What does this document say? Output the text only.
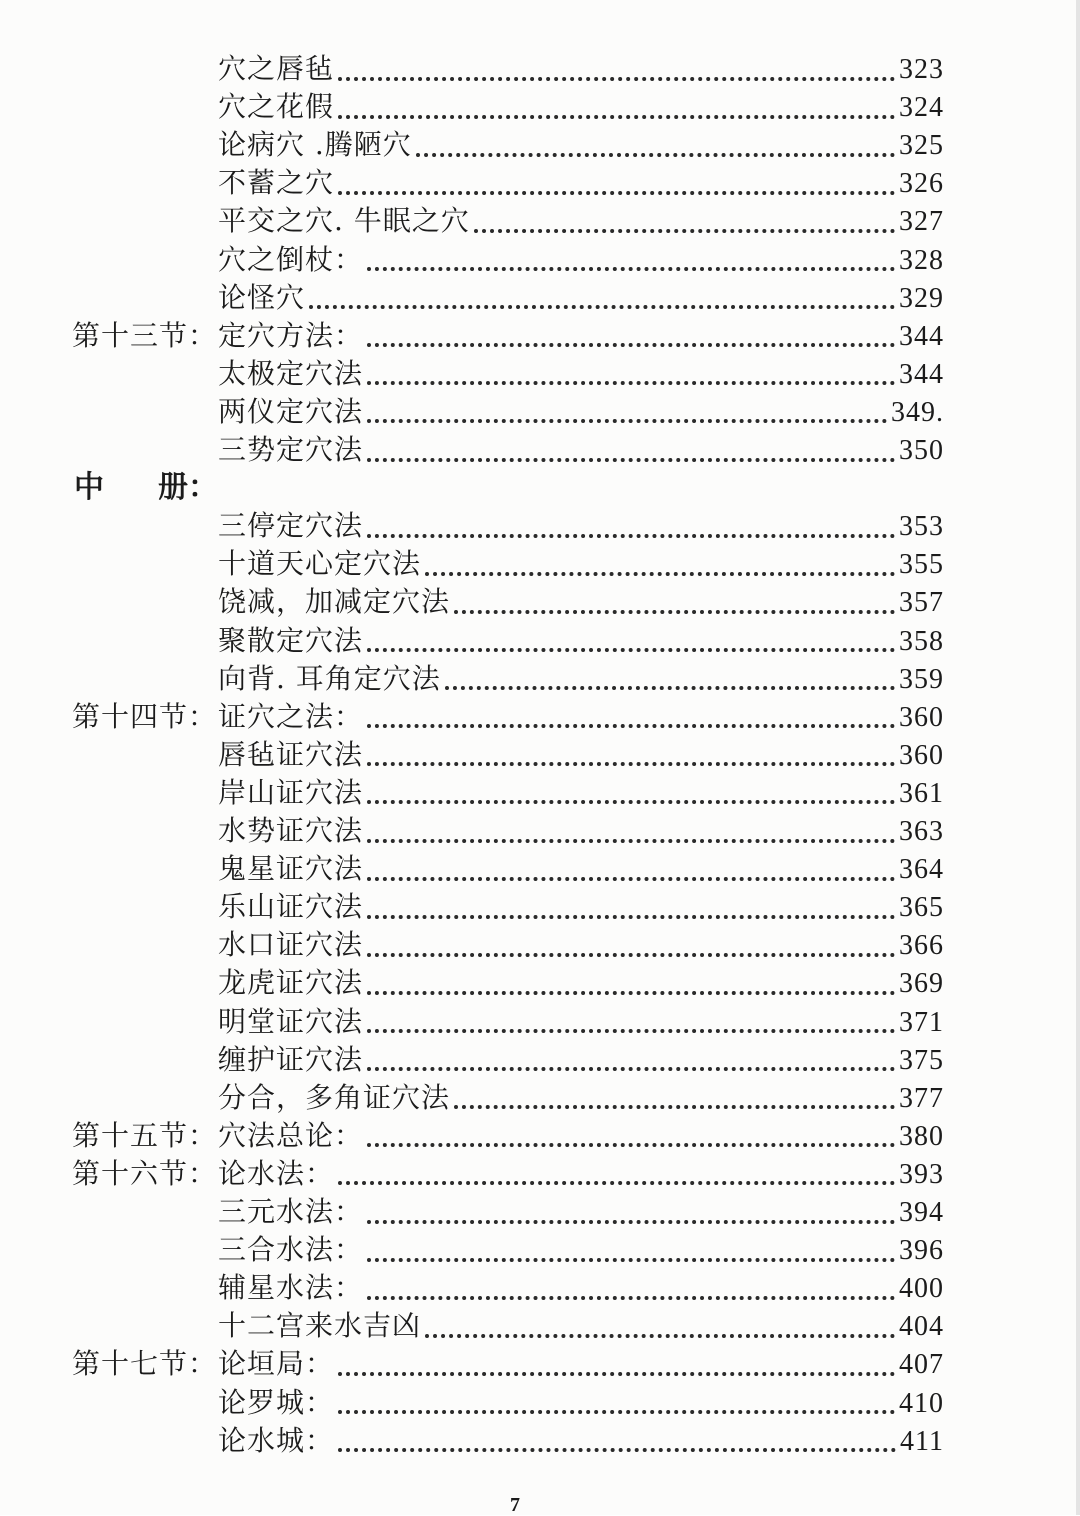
穴之唇毡	323
穴之花假	324
论病穴 .腾陋穴	325
不蓄之穴	326
平交之穴. 牛眠之穴	327
穴之倒杖：	328
论怪穴	329
第十三节： 定穴方法：	344
太极定穴法	344
两仪定穴法	349.
三势定穴法	350
中 册：
三停定穴法	353
十道天心定穴法	355
饶减，加减定穴法	357
聚散定穴法	358
向背. 耳角定穴法	359
第十四节： 证穴之法：	360
唇毡证穴法	360
岸山证穴法	361
水势证穴法	363
鬼星证穴法	364
乐山证穴法	365
水口证穴法	366
龙虎证穴法	369
明堂证穴法	371
缠护证穴法	375
分合，多角证穴法	377
第十五节： 穴法总论：	380
第十六节： 论水法：	393
三元水法：	394
三合水法：	396
辅星水法：	400
十二宫来水吉凶	404
第十七节： 论垣局：	407
论罗城：	410
论水城：	411
7
